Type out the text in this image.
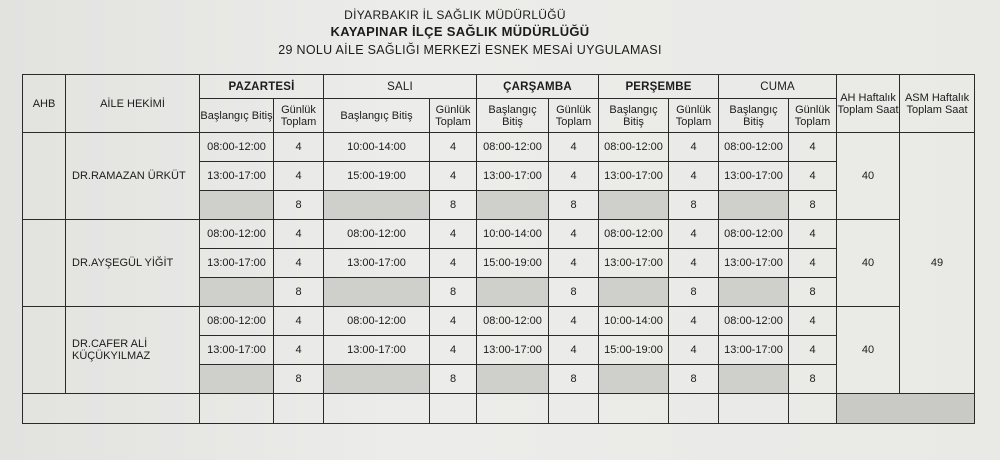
DİYARBAKIR İL SAĞLIK MÜDÜRLÜĞÜ
KAYAPINAR İLÇE SAĞLIK MÜDÜRLÜĞÜ
29 NOLU AİLE SAĞLIĞI MERKEZİ ESNEK MESAİ UYGULAMASI
AHB	AİLE HEKİMİ	PAZARTESİ		SALI		ÇARŞAMBA		PERŞEMBE		CUMA		AH Haftalık Toplam Saat	ASM Haftalık Toplam Saat
		Başlangıç Bitiş	Günlük Toplam	Başlangıç Bitiş	Günlük Toplam	Başlangıç Bitiş	Günlük Toplam	Başlangıç Bitiş	Günlük Toplam	Başlangıç Bitiş	Günlük Toplam		
	DR.RAMAZAN ÜRKÜT	08:00-12:00	4	10:00-14:00	4	08:00-12:00	4	08:00-12:00	4	08:00-12:00	4	40	49
		13:00-17:00	4	15:00-19:00	4	13:00-17:00	4	13:00-17:00	4	13:00-17:00	4		
			8		8		8		8		8		
	DR.AYŞEGÜL YİĞİT	08:00-12:00	4	08:00-12:00	4	10:00-14:00	4	08:00-12:00	4	08:00-12:00	4	40	
		13:00-17:00	4	13:00-17:00	4	15:00-19:00	4	13:00-17:00	4	13:00-17:00	4		
			8		8		8		8		8		
	DR.CAFER ALİ KÜÇÜKYILMAZ	08:00-12:00	4	08:00-12:00	4	08:00-12:00	4	10:00-14:00	4	08:00-12:00	4	40	
		13:00-17:00	4	13:00-17:00	4	13:00-17:00	4	15:00-19:00	4	13:00-17:00	4		
			8		8		8		8		8		
